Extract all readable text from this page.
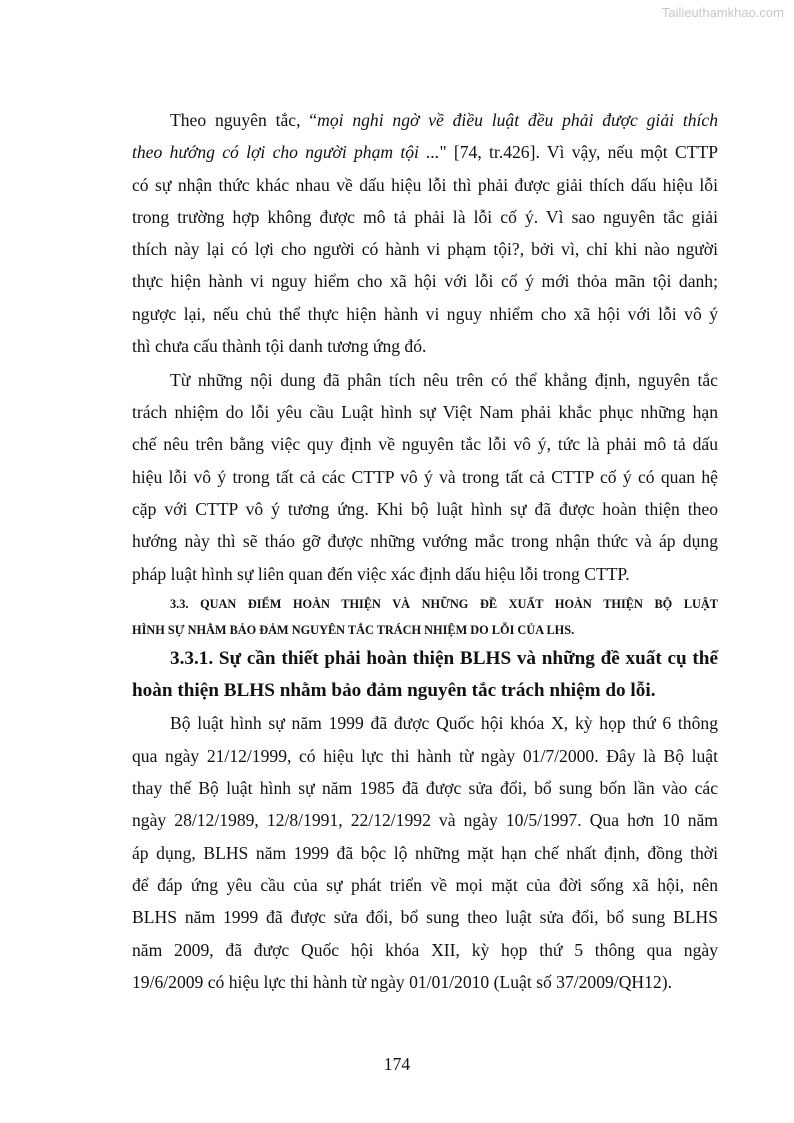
Tailieuthamkhao.com
Theo nguyên tắc, “mọi nghi ngờ về điều luật đều phải được giải thích
theo hướng có lợi cho người phạm tội ..." [74, tr.426]. Vì vậy, nếu một CTTP
có sự nhận thức khác nhau về dấu hiệu lỗi thì phải được giải thích dấu hiệu lỗi
trong trường hợp không được mô tả phải là lỗi cố ý. Vì sao nguyên tắc giải
thích này lại có lợi cho người có hành vi phạm tội?, bởi vì, chỉ khi nào người
thực hiện hành vi nguy hiểm cho xã hội với lỗi cố ý mới thỏa mãn tội danh;
ngược lại, nếu chủ thể thực hiện hành vi nguy nhiểm cho xã hội với lỗi vô ý
thì chưa cấu thành tội danh tương ứng đó.
Từ những nội dung đã phân tích nêu trên có thể khẳng định, nguyên tắc
trách nhiệm do lỗi yêu cầu Luật hình sự Việt Nam phải khắc phục những hạn
chế nêu trên bằng việc quy định về nguyên tắc lỗi vô ý, tức là phải mô tả dấu
hiệu lỗi vô ý trong tất cả các CTTP vô ý và trong tất cả CTTP cố ý có quan hệ
cặp với CTTP vô ý tương ứng. Khi bộ luật hình sự đã được hoàn thiện theo
hướng này thì sẽ tháo gỡ được những vướng mắc trong nhận thức và áp dụng
pháp luật hình sự liên quan đến việc xác định dấu hiệu lỗi trong CTTP.
3.3. QUAN ĐIỂM HOÀN THIỆN VÀ NHỮNG ĐỀ XUẤT HOÀN THIỆN BỘ LUẬT
HÌNH SỰ NHẰM BẢO ĐẢM NGUYÊN TẮC TRÁCH NHIỆM DO LỖI CỦA LHS.
3.3.1. Sự cần thiết phải hoàn thiện BLHS và những đề xuất cụ thể
hoàn thiện BLHS nhằm bảo đảm nguyên tắc trách nhiệm do lỗi.
Bộ luật hình sự năm 1999 đã được Quốc hội khóa X, kỳ họp thứ 6 thông
qua ngày 21/12/1999, có hiệu lực thi hành từ ngày 01/7/2000. Đây là Bộ luật
thay thế Bộ luật hình sự năm 1985 đã được sửa đổi, bổ sung bốn lần vào các
ngày 28/12/1989, 12/8/1991, 22/12/1992 và ngày 10/5/1997. Qua hơn 10 năm
áp dụng, BLHS năm 1999 đã bộc lộ những mặt hạn chế nhất định, đồng thời
để đáp ứng yêu cầu của sự phát triển về mọi mặt của đời sống xã hội, nên
BLHS năm 1999 đã được sửa đổi, bổ sung theo luật sửa đổi, bổ sung BLHS
năm 2009, đã được Quốc hội khóa XII, kỳ họp thứ 5 thông qua ngày
19/6/2009 có hiệu lực thi hành từ ngày 01/01/2010 (Luật số 37/2009/QH12).
174
